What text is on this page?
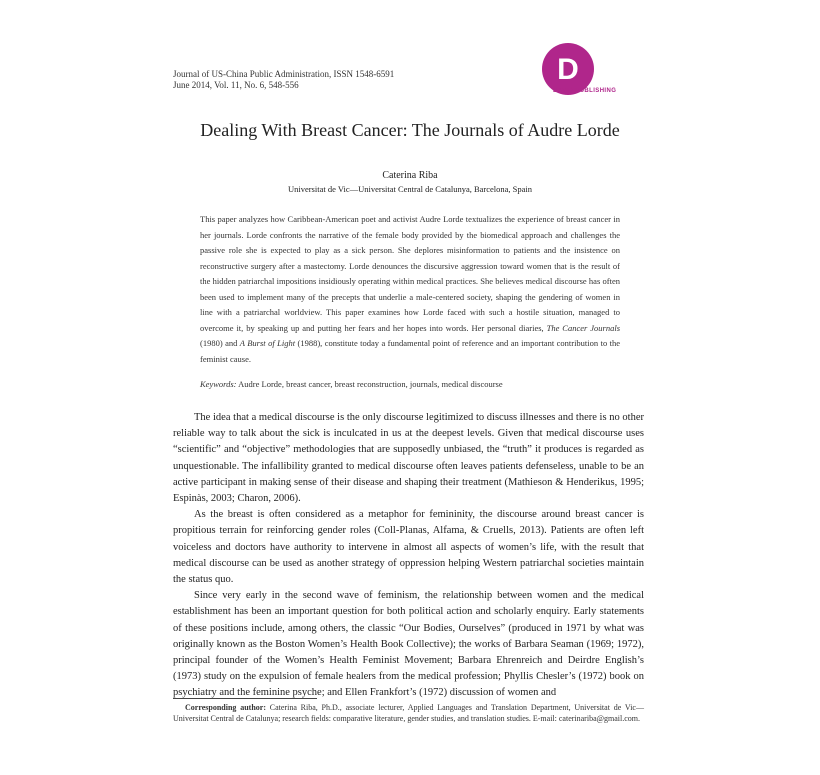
Journal of US-China Public Administration, ISSN 1548-6591
June 2014, Vol. 11, No. 6, 548-556	D
DAVID PUBLISHING
Dealing With Breast Cancer: The Journals of Audre Lorde
Caterina Riba
Universitat de Vic—Universitat Central de Catalunya, Barcelona, Spain

This paper analyzes how Caribbean-American poet and activist Audre Lorde textualizes the experience of breast cancer in her journals. Lorde confronts the narrative of the female body provided by the biomedical approach and challenges the passive role she is expected to play as a sick person. She deplores misinformation to patients and the insistence on reconstructive surgery after a mastectomy. Lorde denounces the discursive aggression toward women that is the result of the hidden patriarchal impositions insidiously operating within medical practices. She believes medical discourse has often been used to implement many of the precepts that underlie a male-centered society, shaping the gendering of women in line with a patriarchal worldview. This paper examines how Lorde faced with such a hostile situation, managed to overcome it, by speaking up and putting her fears and her hopes into words. Her personal diaries, The Cancer Journals (1980) and A Burst of Light (1988), constitute today a fundamental point of reference and an important contribution to the feminist cause.

Keywords: Audre Lorde, breast cancer, breast reconstruction, journals, medical discourse

The idea that a medical discourse is the only discourse legitimized to discuss illnesses and there is no other reliable way to talk about the sick is inculcated in us at the deepest levels. Given that medical discourse uses “scientific” and “objective” methodologies that are supposedly unbiased, the “truth” it produces is regarded as unquestionable. The infallibility granted to medical discourse often leaves patients defenseless, unable to be an active participant in making sense of their disease and shaping their treatment (Mathieson & Henderikus, 1995; Espinàs, 2003; Charon, 2006).

As the breast is often considered as a metaphor for femininity, the discourse around breast cancer is propitious terrain for reinforcing gender roles (Coll-Planas, Alfama, & Cruells, 2013). Patients are often left voiceless and doctors have authority to intervene in almost all aspects of women’s life, with the result that medical discourse can be used as another strategy of oppression helping Western patriarchal societies maintain the status quo.

Since very early in the second wave of feminism, the relationship between women and the medical establishment has been an important question for both political action and scholarly enquiry. Early statements of these positions include, among others, the classic “Our Bodies, Ourselves” (produced in 1971 by what was originally known as the Boston Women’s Health Book Collective); the works of Barbara Seaman (1969; 1972), principal founder of the Women’s Health Feminist Movement; Barbara Ehrenreich and Deirdre English’s (1973) study on the expulsion of female healers from the medical profession; Phyllis Chesler’s (1972) book on psychiatry and the feminine psyche; and Ellen Frankfort’s (1972) discussion of women and

Corresponding author: Caterina Riba, Ph.D., associate lecturer, Applied Languages and Translation Department, Universitat de Vic—Universitat Central de Catalunya; research fields: comparative literature, gender studies, and translation studies. E-mail: caterinariba@gmail.com.
